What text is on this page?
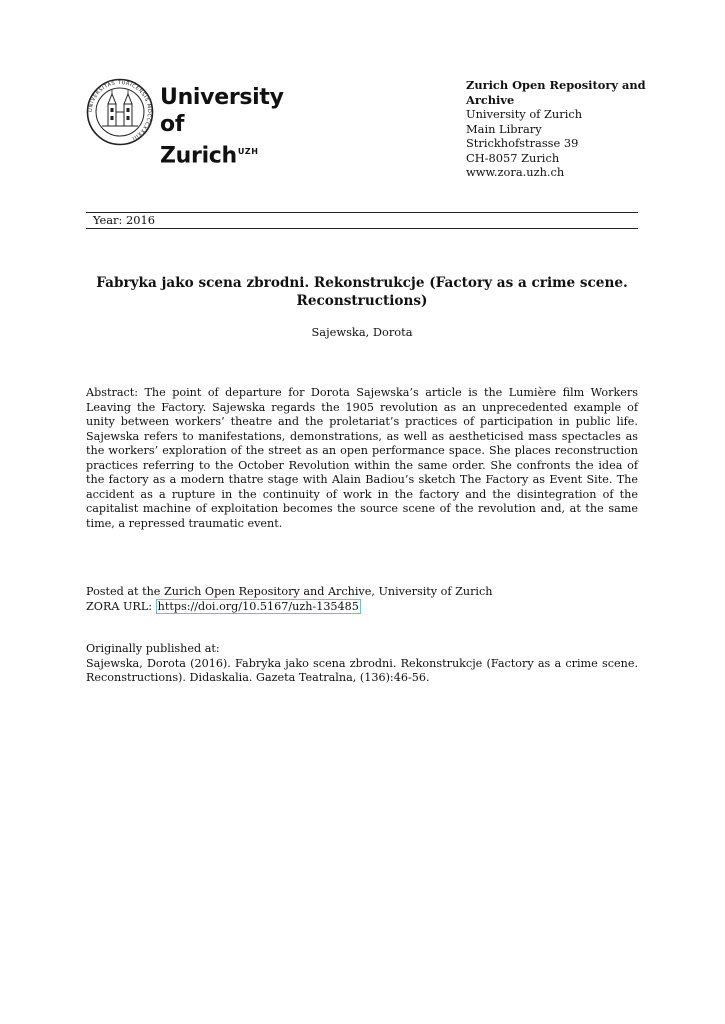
UNIVERSITAS TURICENSIS MDCCCXXXIII
University of
Zurich$^{UZH}$
Zurich Open Repository and Archive
University of Zurich
Main Library
Strickhofstrasse 39
CH-8057 Zurich
www.zora.uzh.ch
Year: 2016
Fabryka jako scena zbrodni. Rekonstrukcje (Factory as a crime scene. Reconstructions)
Sajewska, Dorota
Abstract: The point of departure for Dorota Sajewska’s article is the Lumière film Workers Leaving the Factory. Sajewska regards the 1905 revolution as an unprecedented example of unity between workers’ theatre and the proletariat’s practices of participation in public life. Sajewska refers to manifestations, demonstrations, as well as aestheticised mass spectacles as the workers’ exploration of the street as an open performance space. She places reconstruction practices referring to the October Revolution within the same order. She confronts the idea of the factory as a modern thatre stage with Alain Badiou’s sketch The Factory as Event Site. The accident as a rupture in the continuity of work in the factory and the disintegration of the capitalist machine of exploitation becomes the source scene of the revolution and, at the same time, a repressed traumatic event.
Posted at the Zurich Open Repository and Archive, University of Zurich
ZORA URL: https://doi.org/10.5167/uzh-135485
Originally published at:
Sajewska, Dorota (2016). Fabryka jako scena zbrodni. Rekonstrukcje (Factory as a crime scene. Reconstructions). Didaskalia. Gazeta Teatralna, (136):46-56.
